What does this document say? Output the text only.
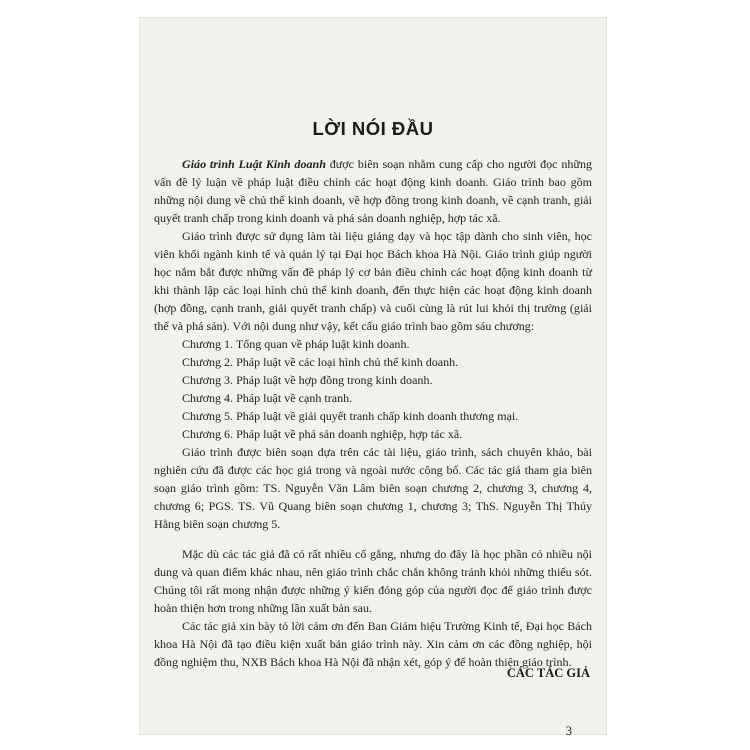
LỜI NÓI ĐẦU

Giáo trình Luật Kinh doanh được biên soạn nhằm cung cấp cho người đọc những vấn đề lý luận về pháp luật điều chỉnh các hoạt động kinh doanh. Giáo trình bao gồm những nội dung về chủ thể kinh doanh, về hợp đồng trong kinh doanh, về cạnh tranh, giải quyết tranh chấp trong kinh doanh và phá sản doanh nghiệp, hợp tác xã.

Giáo trình được sử dụng làm tài liệu giảng dạy và học tập dành cho sinh viên, học viên khối ngành kinh tế và quản lý tại Đại học Bách khoa Hà Nội. Giáo trình giúp người học nắm bắt được những vấn đề pháp lý cơ bản điều chỉnh các hoạt động kinh doanh từ khi thành lập các loại hình chủ thể kinh doanh, đến thực hiện các hoạt động kinh doanh (hợp đồng, cạnh tranh, giải quyết tranh chấp) và cuối cùng là rút lui khỏi thị trường (giải thể và phá sản). Với nội dung như vậy, kết cấu giáo trình bao gồm sáu chương:

Chương 1. Tổng quan về pháp luật kinh doanh.

Chương 2. Pháp luật về các loại hình chủ thể kinh doanh.

Chương 3. Pháp luật về hợp đồng trong kinh doanh.

Chương 4. Pháp luật về cạnh tranh.

Chương 5. Pháp luật về giải quyết tranh chấp kinh doanh thương mại.

Chương 6. Pháp luật về phá sản doanh nghiệp, hợp tác xã.

Giáo trình được biên soạn dựa trên các tài liệu, giáo trình, sách chuyên khảo, bài nghiên cứu đã được các học giả trong và ngoài nước công bố. Các tác giả tham gia biên soạn giáo trình gồm: TS. Nguyễn Văn Lâm biên soạn chương 2, chương 3, chương 4, chương 6; PGS. TS. Vũ Quang biên soạn chương 1, chương 3; ThS. Nguyễn Thị Thúy Hằng biên soạn chương 5.

Mặc dù các tác giả đã có rất nhiều cố gắng, nhưng do đây là học phần có nhiều nội dung và quan điểm khác nhau, nên giáo trình chắc chắn không tránh khỏi những thiếu sót. Chúng tôi rất mong nhận được những ý kiến đóng góp của người đọc để giáo trình được hoàn thiện hơn trong những lần xuất bản sau.

Các tác giả xin bày tỏ lời cảm ơn đến Ban Giám hiệu Trường Kinh tế, Đại học Bách khoa Hà Nội đã tạo điều kiện xuất bản giáo trình này. Xin cảm ơn các đồng nghiệp, hội đồng nghiệm thu, NXB Bách khoa Hà Nội đã nhận xét, góp ý để hoàn thiện giáo trình.

CÁC TÁC GIẢ
3
